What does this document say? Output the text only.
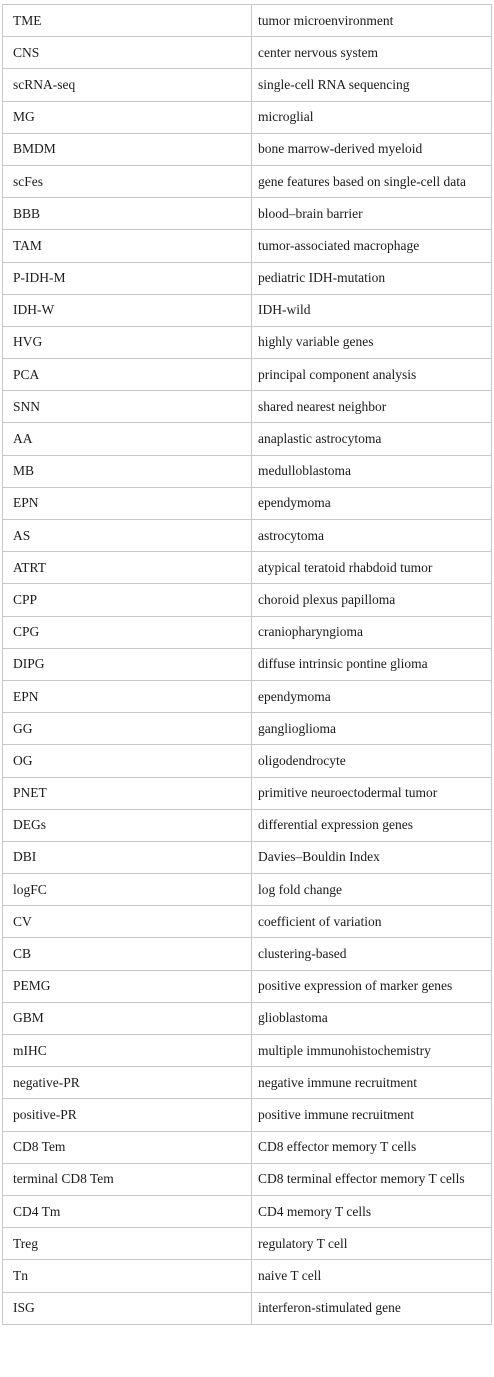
TME	tumor microenvironment
CNS	center nervous system
scRNA-seq	single-cell RNA sequencing
MG	microglial
BMDM	bone marrow-derived myeloid
scFes	gene features based on single-cell data
BBB	blood–brain barrier
TAM	tumor-associated macrophage
P-IDH-M	pediatric IDH-mutation
IDH-W	IDH-wild
HVG	highly variable genes
PCA	principal component analysis
SNN	shared nearest neighbor
AA	anaplastic astrocytoma
MB	medulloblastoma
EPN	ependymoma
AS	astrocytoma
ATRT	atypical teratoid rhabdoid tumor
CPP	choroid plexus papilloma
CPG	craniopharyngioma
DIPG	diffuse intrinsic pontine glioma
EPN	ependymoma
GG	ganglioglioma
OG	oligodendrocyte
PNET	primitive neuroectodermal tumor
DEGs	differential expression genes
DBI	Davies–Bouldin Index
logFC	log fold change
CV	coefficient of variation
CB	clustering-based
PEMG	positive expression of marker genes
GBM	glioblastoma
mIHC	multiple immunohistochemistry
negative-PR	negative immune recruitment
positive-PR	positive immune recruitment
CD8 Tem	CD8 effector memory T cells
terminal CD8 Tem	CD8 terminal effector memory T cells
CD4 Tm	CD4 memory T cells
Treg	regulatory T cell
Tn	naive T cell
ISG	interferon-stimulated gene
